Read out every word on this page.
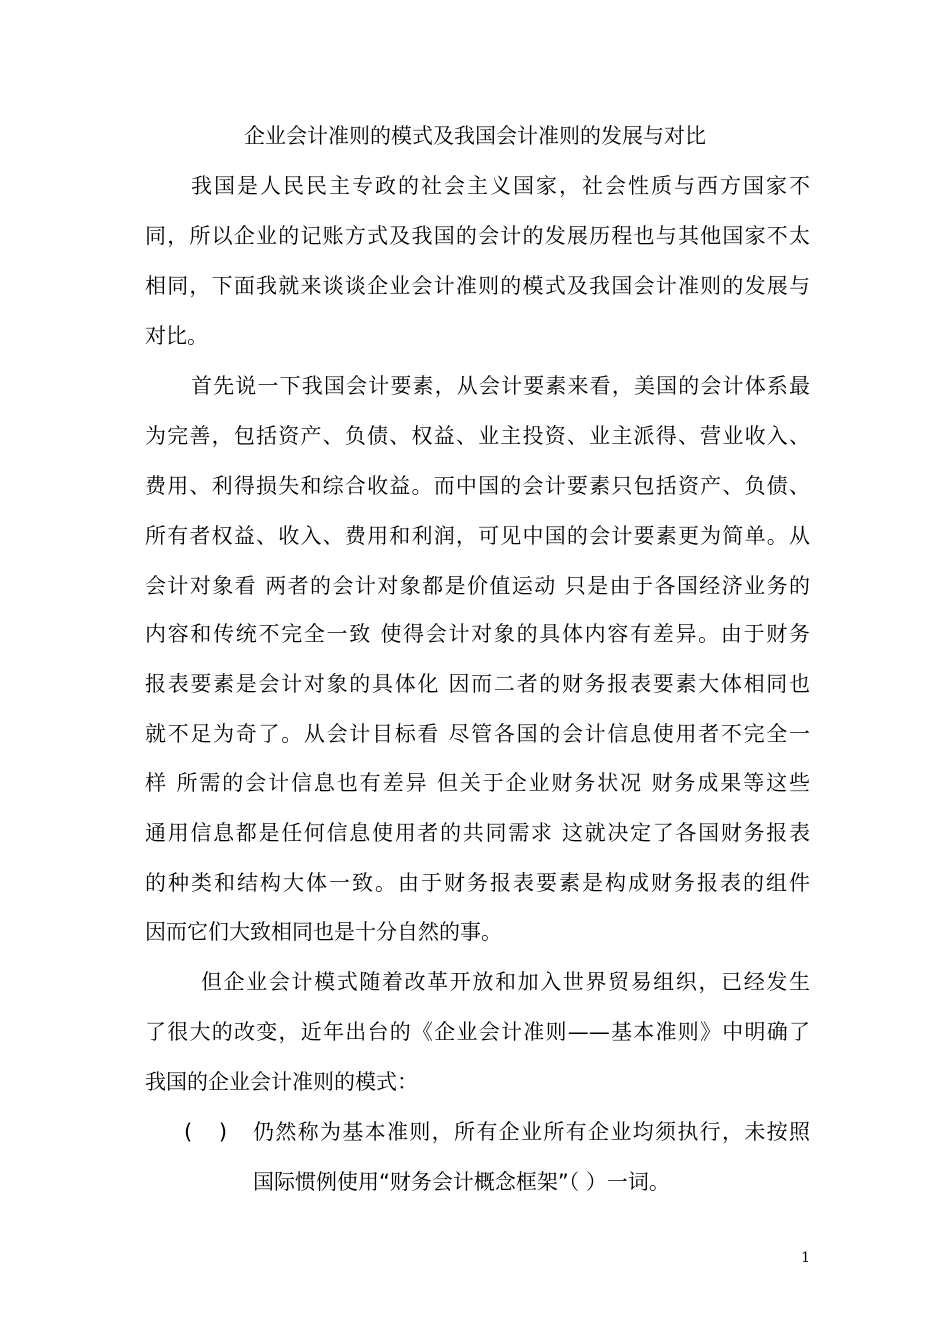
企业会计准则的模式及我国会计准则的发展与对比
我国是人民民主专政的社会主义国家，社会性质与西方国家不
同，所以企业的记账方式及我国的会计的发展历程也与其他国家不太
相同，下面我就来谈谈企业会计准则的模式及我国会计准则的发展与
对比。
首先说一下我国会计要素，从会计要素来看，美国的会计体系最
为完善，包括资产、负债、权益、业主投资、业主派得、营业收入、
费用、利得损失和综合收益。而中国的会计要素只包括资产、负债、
所有者权益、收入、费用和利润，可见中国的会计要素更为简单。从
会计对象看 两者的会计对象都是价值运动 只是由于各国经济业务的
内容和传统不完全一致 使得会计对象的具体内容有差异。由于财务
报表要素是会计对象的具体化 因而二者的财务报表要素大体相同也
就不足为奇了。从会计目标看 尽管各国的会计信息使用者不完全一
样 所需的会计信息也有差异 但关于企业财务状况 财务成果等这些
通用信息都是任何信息使用者的共同需求 这就决定了各国财务报表
的种类和结构大体一致。由于财务报表要素是构成财务报表的组件
因而它们大致相同也是十分自然的事。
但企业会计模式随着改革开放和加入世界贸易组织，已经发生
了很大的改变，近年出台的《企业会计准则——基本准则》中明确了
我国的企业会计准则的模式：
(    )	仍然称为基本准则，所有企业所有企业均须执行，未按照
国际惯例使用“财务会计概念框架”（ ）一词。
1
